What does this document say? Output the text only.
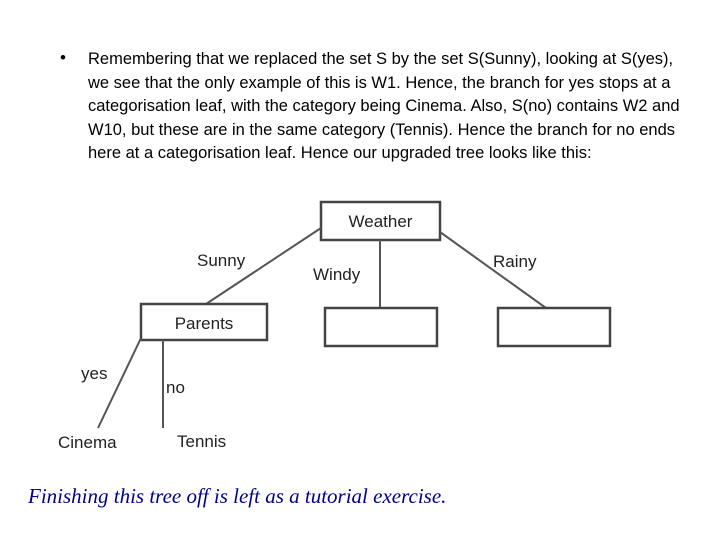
• Remembering that we replaced the set S by the set S(Sunny), looking at S(yes), we see that the only example of this is W1. Hence, the branch for yes stops at a categorisation leaf, with the category being Cinema. Also, S(no) contains W2 and W10, but these are in the same category (Tennis). Hence the branch for no ends here at a categorisation leaf. Hence our upgraded tree looks like this:

Weather
Sunny
Windy
Rainy
Parents
yes
no
Cinema	Tennis

Finishing this tree off is left as a tutorial exercise.
